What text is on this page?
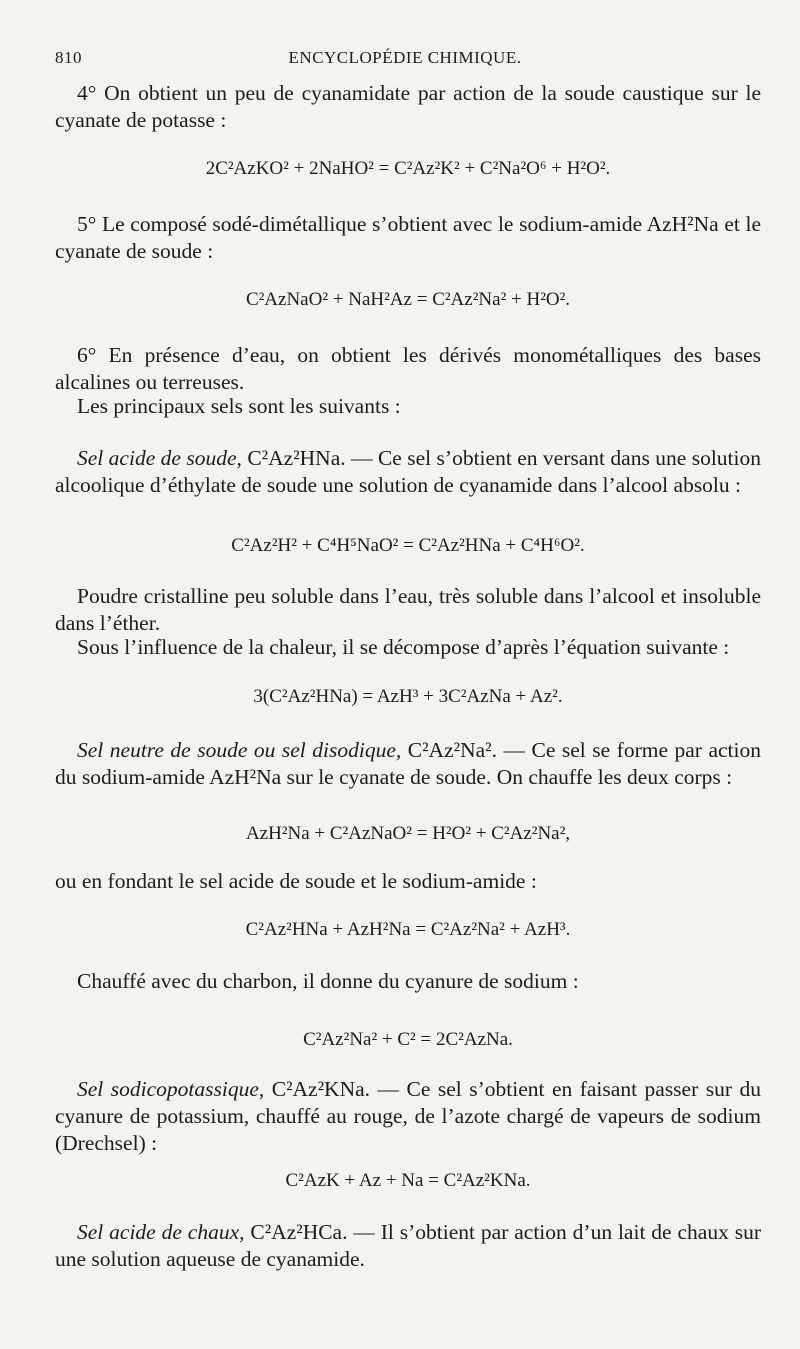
810	ENCYCLOPÉDIE CHIMIQUE.
4° On obtient un peu de cyanamidate par action de la soude caustique sur le cyanate de potasse :
2C²AzKO² + 2NaHO² = C²Az²K² + C²Na²O⁶ + H²O².
5° Le composé sodé-dimétallique s’obtient avec le sodium-amide AzH²Na et le cyanate de soude :
C²AzNaO² + NaH²Az = C²Az²Na² + H²O².
6° En présence d’eau, on obtient les dérivés monométalliques des bases alcalines ou terreuses.
Les principaux sels sont les suivants :
Sel acide de soude, C²Az²HNa. — Ce sel s’obtient en versant dans une solution alcoolique d’éthylate de soude une solution de cyanamide dans l’alcool absolu :
C²Az²H² + C⁴H⁵NaO² = C²Az²HNa + C⁴H⁶O².
Poudre cristalline peu soluble dans l’eau, très soluble dans l’alcool et insoluble dans l’éther.
Sous l’influence de la chaleur, il se décompose d’après l’équation suivante :
3(C²Az²HNa) = AzH³ + 3C²AzNa + Az².
Sel neutre de soude ou sel disodique, C²Az²Na². — Ce sel se forme par action du sodium-amide AzH²Na sur le cyanate de soude. On chauffe les deux corps :
AzH²Na + C²AzNaO² = H²O² + C²Az²Na²,
ou en fondant le sel acide de soude et le sodium-amide :
C²Az²HNa + AzH²Na = C²Az²Na² + AzH³.
Chauffé avec du charbon, il donne du cyanure de sodium :
C²Az²Na² + C² = 2C²AzNa.
Sel sodicopotassique, C²Az²KNa. — Ce sel s’obtient en faisant passer sur du cyanure de potassium, chauffé au rouge, de l’azote chargé de vapeurs de sodium (Drechsel) :
C²AzK + Az + Na = C²Az²KNa.
Sel acide de chaux, C²Az²HCa. — Il s’obtient par action d’un lait de chaux sur une solution aqueuse de cyanamide.
